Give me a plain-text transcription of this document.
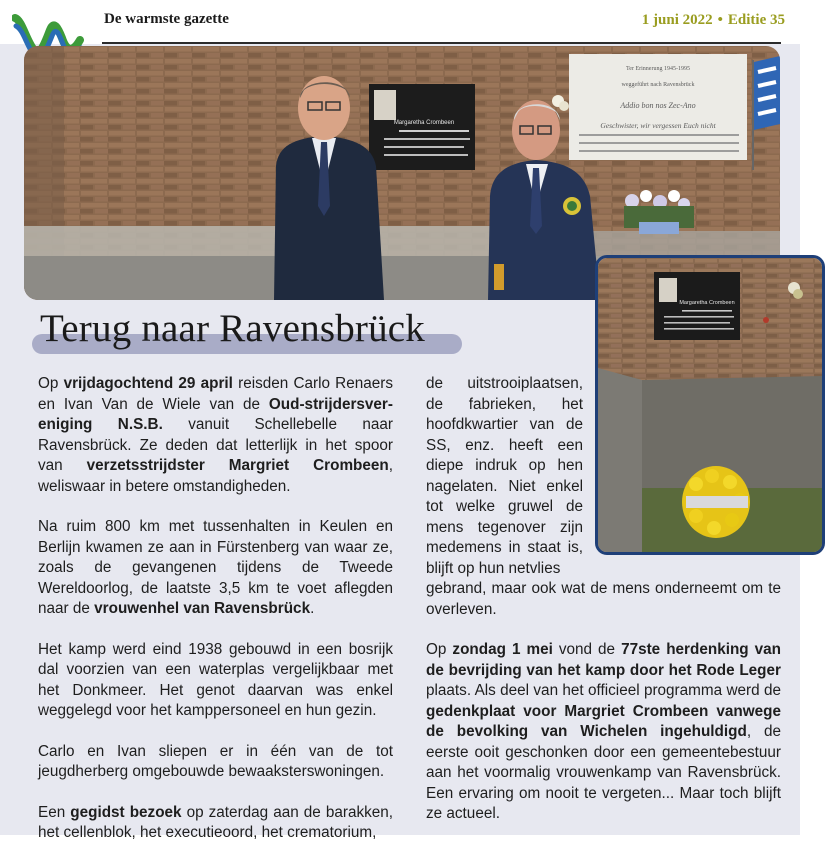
De warmste gazette	1 juni 2022 • Editie 35
Margaretha Crombeen
Ter Erinnerung 1945-1995
weggeführt nach Ravensbrück
Addio bon nos Zec-Ano
Geschwister, wir vergessen Euch nicht
Margaretha Crombeen
Terug naar Ravensbrück

Op vrijdagochtend 29 april reisden Carlo Renaers en Ivan Van de Wiele van de Oud-strijdersvereniging N.S.B. vanuit Schellebelle naar Ravensbrück. Ze deden dat letterlijk in het spoor van verzetsstrijdster Margriet Crombeen, weliswaar in betere omstandigheden.

Na ruim 800 km met tussenhalten in Keulen en Berlijn kwamen ze aan in Fürstenberg van waar ze, zoals de gevangenen tijdens de Tweede Wereldoorlog, de laatste 3,5 km te voet aflegden naar de vrouwenhel van Ravensbrück.

Het kamp werd eind 1938 gebouwd in een bosrijk dal voorzien van een waterplas vergelijkbaar met het Donkmeer. Het genot daarvan was enkel weggelegd voor het kamppersoneel en hun gezin.

Carlo en Ivan sliepen er in één van de tot jeugdherberg omgebouwde bewaaksterswoningen.

Een gegidst bezoek op zaterdag aan de barakken, het cellenblok, het executieoord, het crematorium,

de uitstrooiplaatsen, de fabrieken, het hoofdkwartier van de SS, enz. heeft een diepe indruk op hen nagelaten. Niet enkel tot welke gruwel de mens tegenover zijn medemens in staat is, blijft op hun netvlies

gebrand, maar ook wat de mens onderneemt om te overleven.

Op zondag 1 mei vond de 77ste herdenking van de bevrijding van het kamp door het Rode Leger plaats. Als deel van het officieel programma werd de gedenkplaat voor Margriet Crombeen vanwege de bevolking van Wichelen ingehuldigd, de eerste ooit geschonken door een gemeentebestuur aan het voormalig vrouwenkamp van Ravensbrück. Een ervaring om nooit te vergeten... Maar toch blijft ze actueel.
